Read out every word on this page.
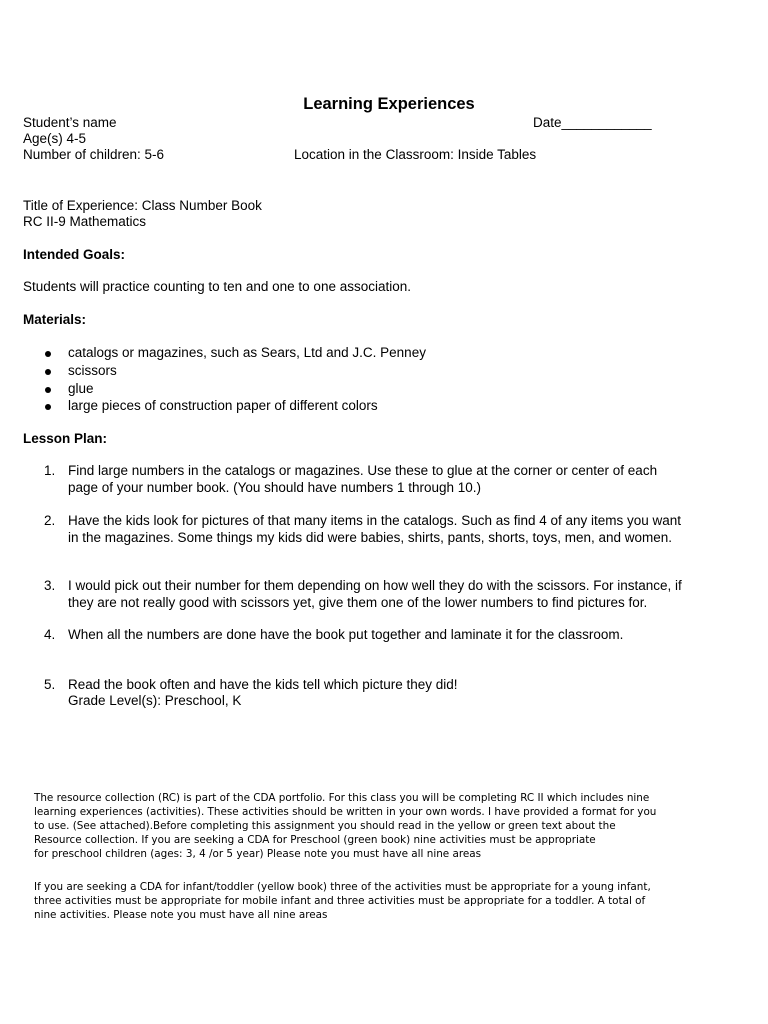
Learning Experiences
Student’s name	Date____________
Age(s) 4-5
Number of children: 5-6	Location in the Classroom: Inside Tables
Title of Experience: Class Number Book
RC II-9 Mathematics
Intended Goals:
Students will practice counting to ten and one to one association.
Materials:
catalogs or magazines, such as Sears, Ltd and J.C. Penney
scissors
glue
large pieces of construction paper of different colors
Lesson Plan:
1. Find large numbers in the catalogs or magazines. Use these to glue at the corner or center of each
page of your number book. (You should have numbers 1 through 10.)
2. Have the kids look for pictures of that many items in the catalogs. Such as find 4 of any items you want
in the magazines. Some things my kids did were babies, shirts, pants, shorts, toys, men, and women.
3. I would pick out their number for them depending on how well they do with the scissors. For instance, if
they are not really good with scissors yet, give them one of the lower numbers to find pictures for.
4. When all the numbers are done have the book put together and laminate it for the classroom.
5. Read the book often and have the kids tell which picture they did!
Grade Level(s): Preschool, K
The resource collection (RC) is part of the CDA portfolio. For this class you will be completing RC II which includes nine
learning experiences (activities). These activities should be written in your own words. I have provided a format for you
to use. (See attached).Before completing this assignment you should read in the yellow or green text about the
Resource collection. If you are seeking a CDA for Preschool (green book) nine activities must be appropriate
for preschool children (ages: 3, 4 /or 5 year) Please note you must have all nine areas
If you are seeking a CDA for infant/toddler (yellow book) three of the activities must be appropriate for a young infant,
three activities must be appropriate for mobile infant and three activities must be appropriate for a toddler. A total of
nine activities. Please note you must have all nine areas
